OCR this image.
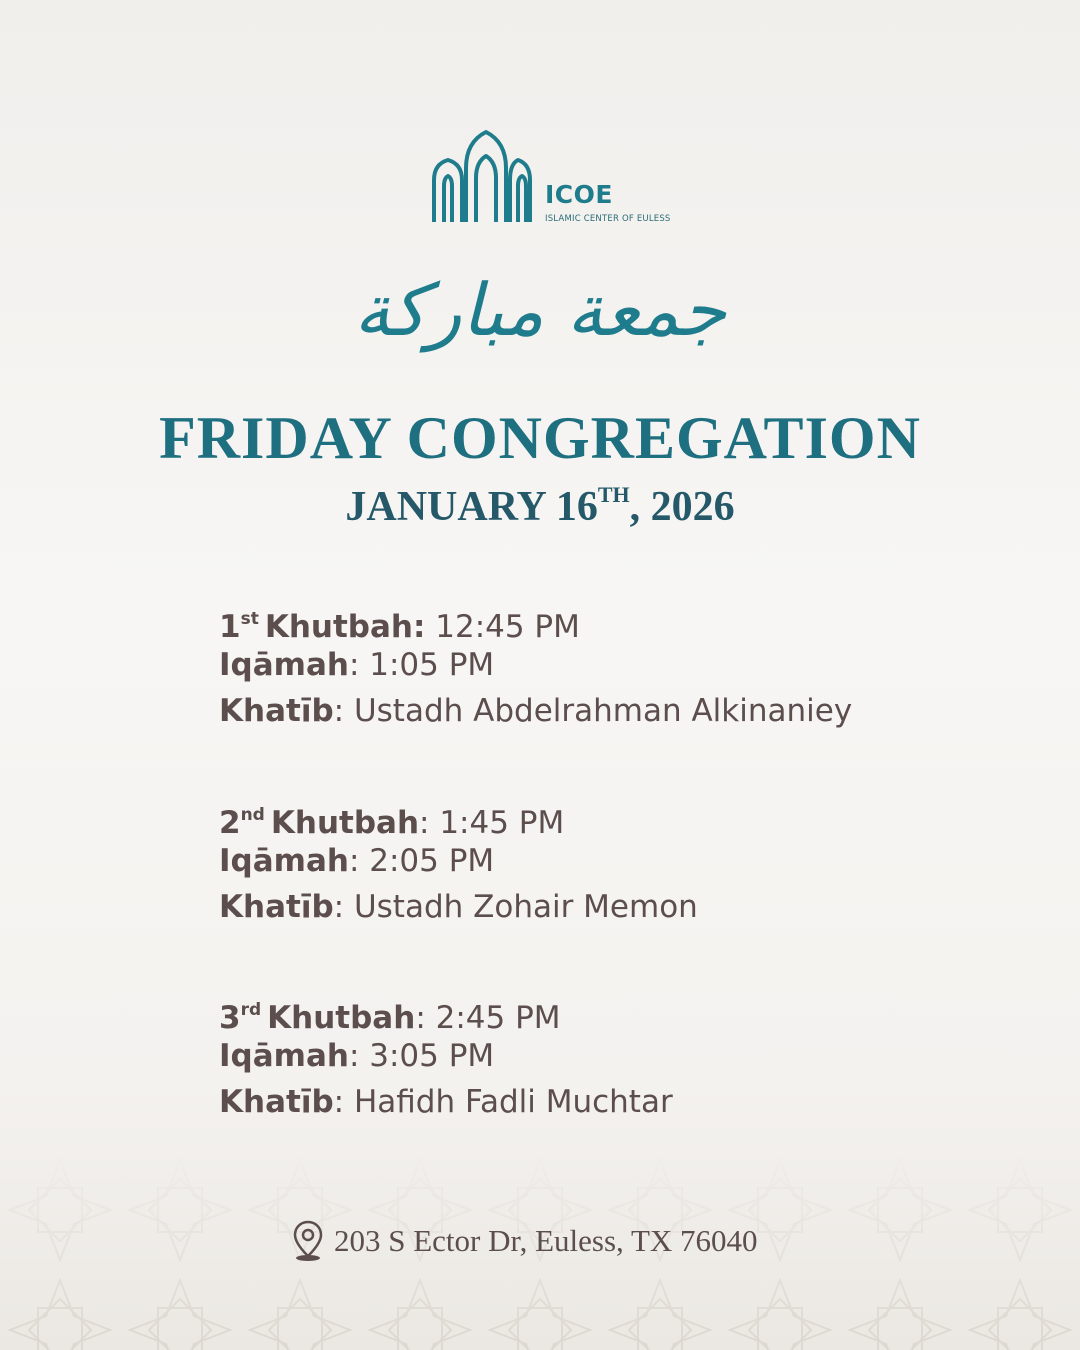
ICOE
ISLAMIC CENTER OF EULESS
جمعة مباركة
FRIDAY CONGREGATION
JANUARY 16TH, 2026
1st Khutbah: 12:45 PM
Iqāmah: 1:05 PM
Khatīb: Ustadh Abdelrahman Alkinaniey
2nd Khutbah: 1:45 PM
Iqāmah: 2:05 PM
Khatīb: Ustadh Zohair Memon
3rd Khutbah: 2:45 PM
Iqāmah: 3:05 PM
Khatīb: Hafidh Fadli Muchtar
203 S Ector Dr, Euless, TX 76040
